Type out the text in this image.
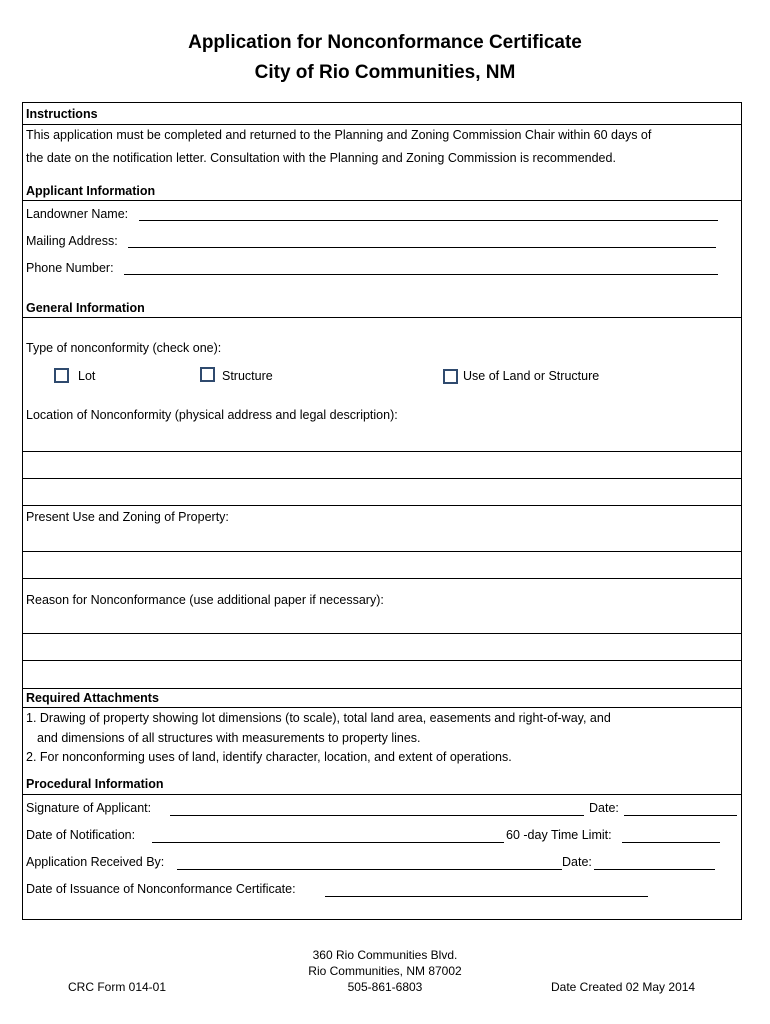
Application for Nonconformance Certificate
City of Rio Communities, NM
Instructions
This application must be completed and returned to the Planning and Zoning Commission Chair within 60 days of
the date on the notification letter. Consultation with the Planning and Zoning Commission is recommended.
Applicant Information
Landowner Name:
Mailing Address:
Phone Number:
General Information
Type of nonconformity (check one):
Lot	Structure	Use of Land or Structure
Location of Nonconformity (physical address and legal description):
Present Use and Zoning of Property:
Reason for Nonconformance (use additional paper if necessary):
Required Attachments
1. Drawing of property showing lot dimensions (to scale), total land area, easements and right-of-way, and
and dimensions of all structures with measurements to property lines.
2. For nonconforming uses of land, identify character, location, and extent of operations.
Procedural Information
Signature of Applicant:	Date:
Date of Notification:	60 -day Time Limit:
Application Received By:	Date:
Date of Issuance of Nonconformance Certificate:
360 Rio Communities Blvd.
Rio Communities, NM 87002
505-861-6803
CRC Form 014-01	Date Created 02 May 2014
